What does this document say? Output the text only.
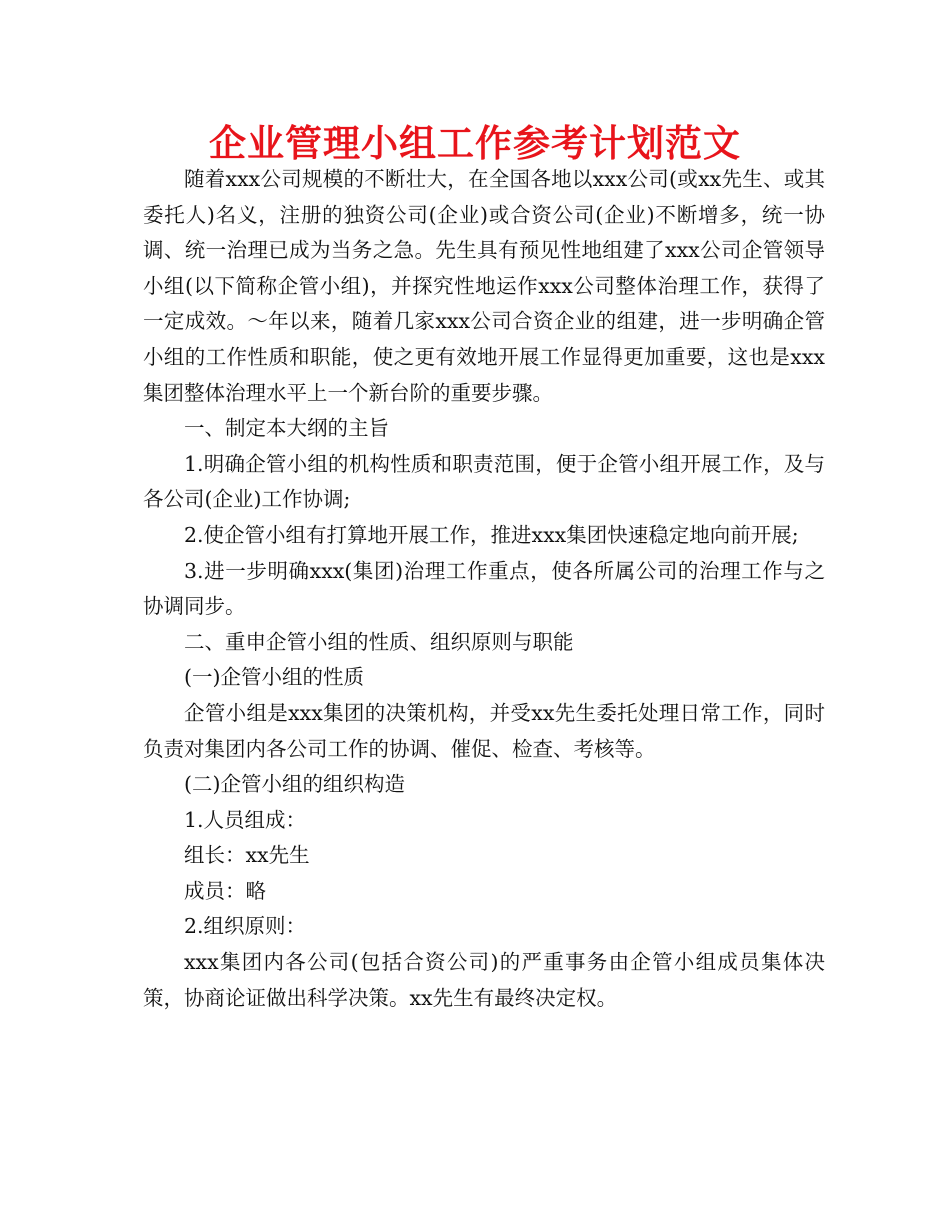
企业管理小组工作参考计划范文

随着xxx公司规模的不断壮大，在全国各地以xxx公司(或xx先生、或其委托人)名义，注册的独资公司(企业)或合资公司(企业)不断增多，统一协调、统一治理已成为当务之急。先生具有预见性地组建了xxx公司企管领导小组(以下简称企管小组)，并探究性地运作xxx公司整体治理工作，获得了一定成效。～年以来，随着几家xxx公司合资企业的组建，进一步明确企管小组的工作性质和职能，使之更有效地开展工作显得更加重要，这也是xxx集团整体治理水平上一个新台阶的重要步骤。

一、制定本大纲的主旨

1.明确企管小组的机构性质和职责范围，便于企管小组开展工作，及与各公司(企业)工作协调;

2.使企管小组有打算地开展工作，推进xxx集团快速稳定地向前开展;

3.进一步明确xxx(集团)治理工作重点，使各所属公司的治理工作与之协调同步。

二、重申企管小组的性质、组织原则与职能

(一)企管小组的性质

企管小组是xxx集团的决策机构，并受xx先生委托处理日常工作，同时负责对集团内各公司工作的协调、催促、检查、考核等。

(二)企管小组的组织构造

1.人员组成：

组长：xx先生

成员：略

2.组织原则：

xxx集团内各公司(包括合资公司)的严重事务由企管小组成员集体决策，协商论证做出科学决策。xx先生有最终决定权。
